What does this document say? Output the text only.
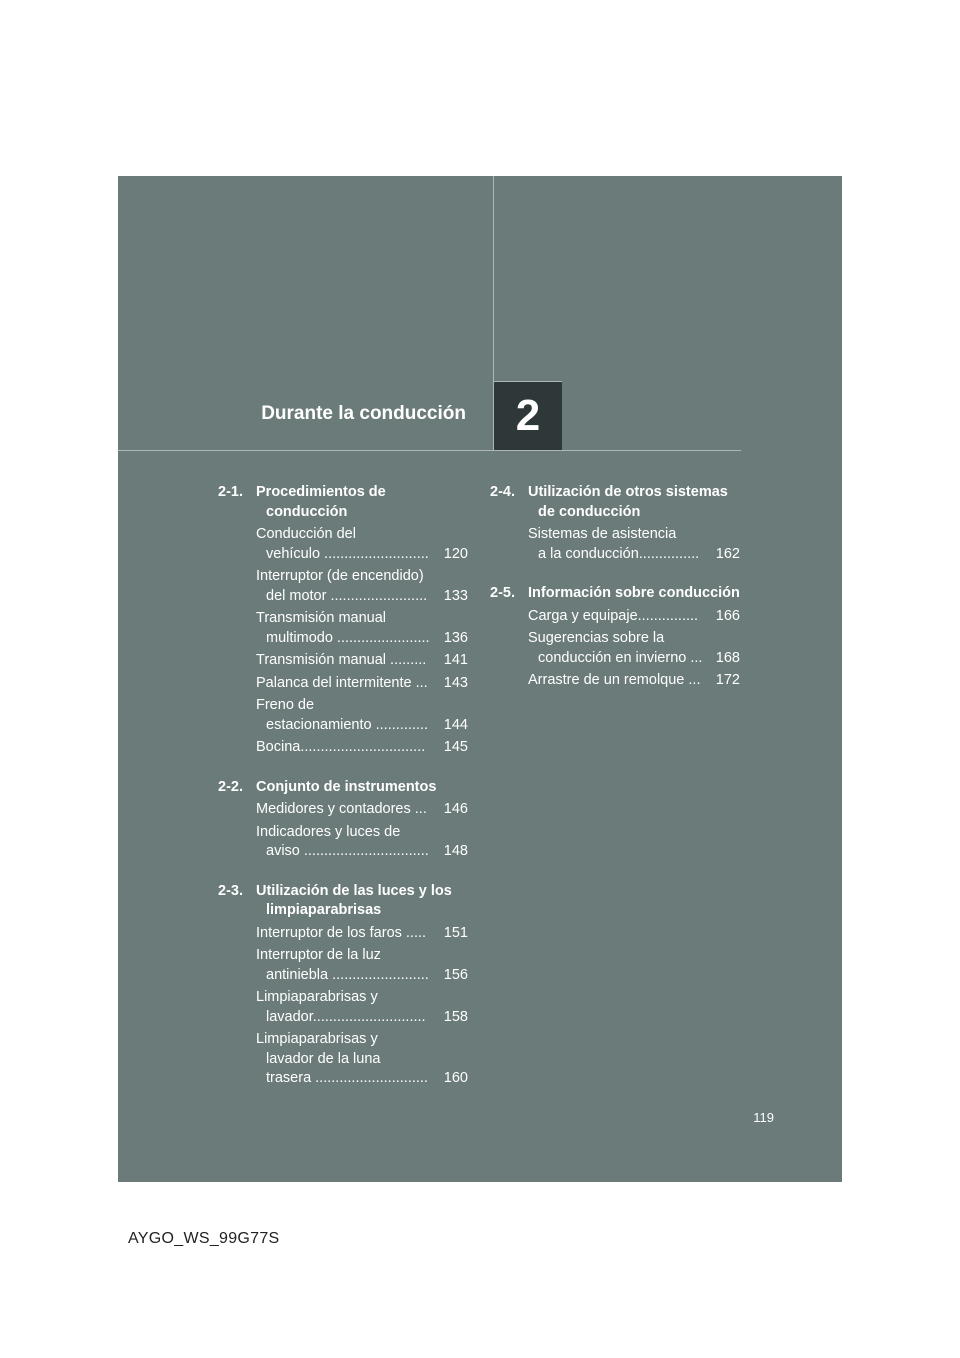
Durante la conducción 2
2-1. Procedimientos de conducción
Conducción del
vehículo ..........................	120
Interruptor (de encendido)
del motor ........................	133
Transmisión manual
multimodo ....................... 136
Transmisión manual .........	141
Palanca del intermitente ...	143
Freno de
estacionamiento .............	144
Bocina...............................	145
2-2. Conjunto de instrumentos
Medidores y contadores ...	146
Indicadores y luces de
aviso ...............................	148
2-3. Utilización de las luces y los limpiaparabrisas
Interruptor de los faros .....	151
Interruptor de la luz
antiniebla ........................	156
Limpiaparabrisas y
lavador............................	158
Limpiaparabrisas y
lavador de la luna
trasera ............................	160
2-4. Utilización de otros sistemas de conducción
Sistemas de asistencia
a la conducción...............	162
2-5. Información sobre conducción
Carga y equipaje...............	166
Sugerencias sobre la
conducción en invierno ... 168
Arrastre de un remolque ...	172
119
AYGO_WS_99G77S
